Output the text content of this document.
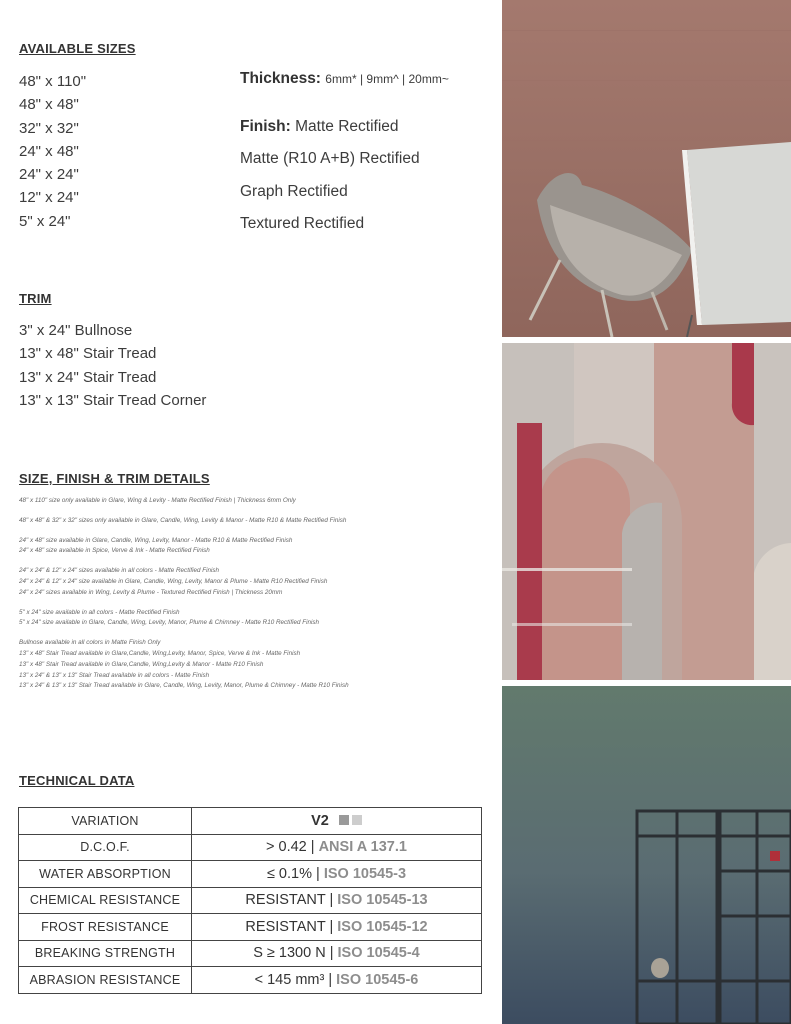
AVAILABLE SIZES
48" x 110"
48" x 48"
32" x 32"
24" x 48"
24" x 24"
12" x 24"
5" x 24"
Thickness: 6mm* | 9mm^ | 20mm~
Finish: Matte Rectified
Matte (R10 A+B) Rectified
Graph Rectified
Textured Rectified
TRIM
3" x 24" Bullnose
13" x 48" Stair Tread
13" x 24" Stair Tread
13" x 13" Stair Tread Corner
SIZE, FINISH & TRIM DETAILS
48" x 110" size only available in Glare, Wing & Levity - Matte Rectified Finish | Thickness 6mm Only
48" x 48" & 32" x 32" sizes only available in Glare, Candle, Wing, Levity & Manor - Matte R10 & Matte Rectified Finish
24" x 48" size available in Glare, Candle, Wing, Levity, Manor - Matte R10 & Matte Rectified Finish
24" x 48" size available in Spice, Verve & Ink - Matte Rectified Finish
24" x 24" & 12" x 24" sizes available in all colors - Matte Rectified Finish
24" x 24" & 12" x 24" size available in Glare, Candle, Wing, Levity, Manor & Plume - Matte R10 Rectified Finish
24" x 24" sizes available in Wing, Levity & Plume - Textured Rectified Finish | Thickness 20mm
5" x 24" size available in all colors - Matte Rectified Finish
5" x 24" size available in Glare, Candle, Wing, Levity, Manor, Plume & Chimney - Matte R10 Rectified Finish
Bullnose available in all colors in Matte Finish Only
13" x 48" Stair Tread available in Glare,Candle, Wing,Levity, Manor, Spice, Verve & Ink - Matte Finish
13" x 48" Stair Tread available in Glare,Candle, Wing,Levity & Manor - Matte R10 Finish
13" x 24" & 13" x 13" Stair Tread available in all colors - Matte Finish
13" x 24" & 13" x 13" Stair Tread available in Glare, Candle, Wing, Levity, Manor, Plume & Chimney - Matte R10 Finish
TECHNICAL DATA
VARIATION	V2
D.C.O.F.	> 0.42 | ANSI A 137.1
WATER ABSORPTION	≤ 0.1% | ISO 10545-3
CHEMICAL RESISTANCE	RESISTANT | ISO 10545-13
FROST RESISTANCE	RESISTANT | ISO 10545-12
BREAKING STRENGTH	S ≥ 1300 N | ISO 10545-4
ABRASION RESISTANCE	< 145 mm³ | ISO 10545-6
